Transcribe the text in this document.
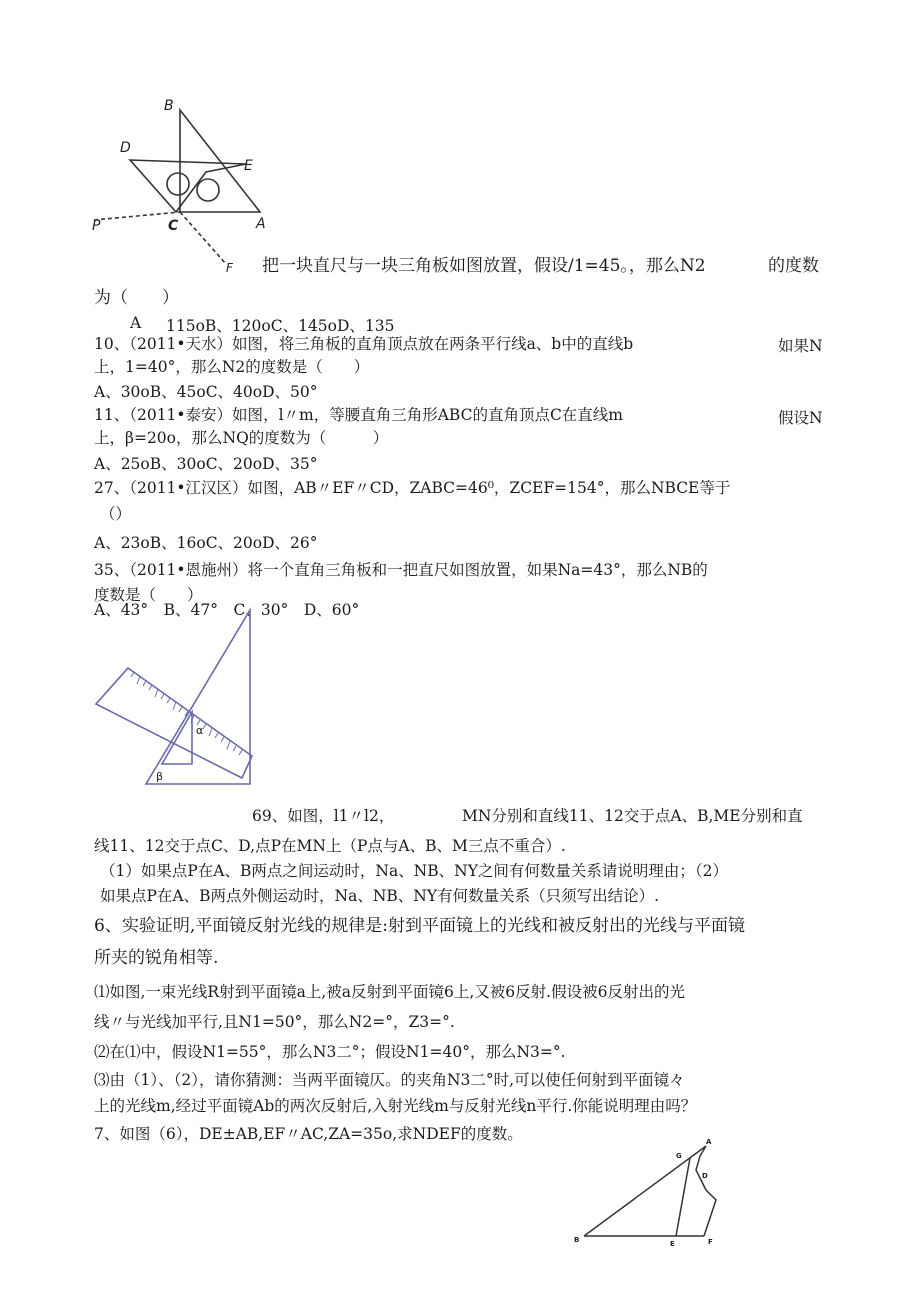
B
D
E
P	C	A
F 把一块直尺与一块三角板如图放置，假设/1=45。，那么N2	的度数
为（　　）
A 115oB、120oC、145oD、135
10、（2011•天水）如图，将三角板的直角顶点放在两条平行线a、b中的直线b	如果N
上，1=40°，那么N2的度数是（　　）
A、30oB、45oC、40oD、50°
11、（2011•泰安）如图，l〃m，等腰直角三角形ABC的直角顶点C在直线m	假设N
上，β=20o，那么NQ的度数为（　　　）
A、25oB、30oC、20oD、35°
27、（2011•江汉区）如图，AB〃EF〃CD，ZABC=46⁰，ZCEF=154°，那么NBCE等于
（）
A、23oB、16oC、20oD、26°
35、（2011•恩施州）将一个直角三角板和一把直尺如图放置，如果Na=43°，那么NB的
度数是（　　）
A、43°　B、47°　C、30°　D、60°
α
β
69、如图，l1〃l2，	MN分别和直线11、12交于点A、B,ME分别和直
线11、12交于点C、D,点P在MN上（P点与A、B、M三点不重合）.
（1）如果点P在A、B两点之间运动时，Na、NB、NY之间有何数量关系请说明理由；（2）
如果点P在A、B两点外侧运动时，Na、NB、NY有何数量关系（只须写出结论）.
6、实验证明,平面镜反射光线的规律是:射到平面镜上的光线和被反射出的光线与平面镜
所夹的锐角相等.
⑴如图,一束光线R射到平面镜a上,被a反射到平面镜6上,又被6反射.假设被6反射出的光
线〃与光线加平行,且N1=50°，那么N2=°，Z3=°.
⑵在⑴中，假设N1=55°，那么N3二°；假设N1=40°，那么N3=°.
⑶由（1）、（2），请你猜测：当两平面镜仄。的夹角N3二°时,可以使任何射到平面镜々
上的光线m,经过平面镜Ab的两次反射后,入射光线m与反射光线n平行.你能说明理由吗？
7、如图（6），DE±AB,EF〃AC,ZA=35o,求NDEF的度数。	A
G
D
B	E	F
